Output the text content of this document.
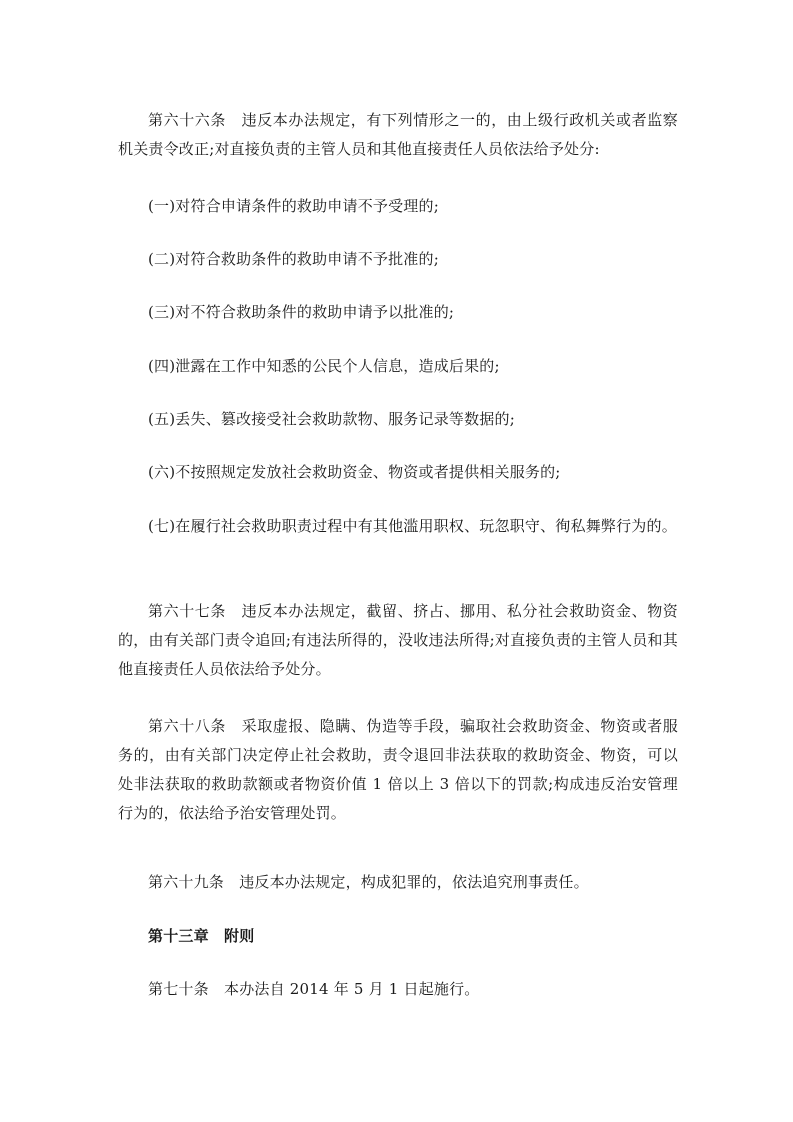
第六十六条　违反本办法规定，有下列情形之一的，由上级行政机关或者监察机关责令改正;对直接负责的主管人员和其他直接责任人员依法给予处分:

(一)对符合申请条件的救助申请不予受理的;

(二)对符合救助条件的救助申请不予批准的;

(三)对不符合救助条件的救助申请予以批准的;

(四)泄露在工作中知悉的公民个人信息，造成后果的;

(五)丢失、篡改接受社会救助款物、服务记录等数据的;

(六)不按照规定发放社会救助资金、物资或者提供相关服务的;

(七)在履行社会救助职责过程中有其他滥用职权、玩忽职守、徇私舞弊行为的。

第六十七条　违反本办法规定，截留、挤占、挪用、私分社会救助资金、物资的，由有关部门责令追回;有违法所得的，没收违法所得;对直接负责的主管人员和其他直接责任人员依法给予处分。

第六十八条　采取虚报、隐瞒、伪造等手段，骗取社会救助资金、物资或者服务的，由有关部门决定停止社会救助，责令退回非法获取的救助资金、物资，可以处非法获取的救助款额或者物资价值 1 倍以上 3 倍以下的罚款;构成违反治安管理行为的，依法给予治安管理处罚。

第六十九条　违反本办法规定，构成犯罪的，依法追究刑事责任。

第十三章　附则

第七十条　本办法自 2014 年 5 月 1 日起施行。
